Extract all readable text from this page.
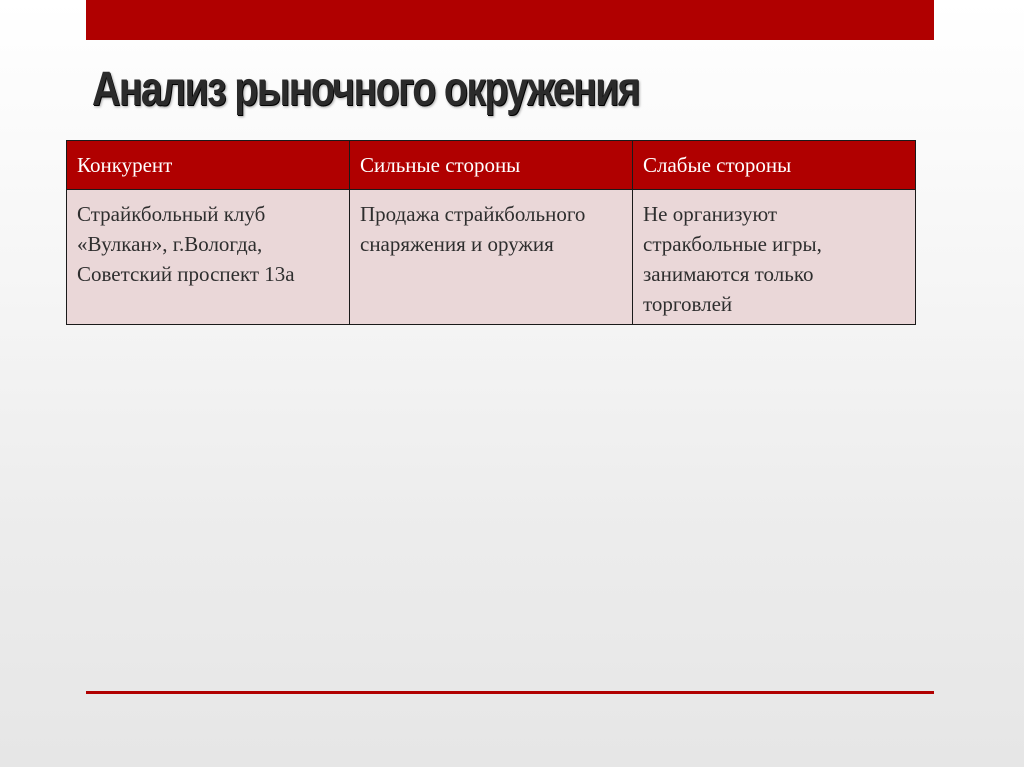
Анализ рыночного окружения
Конкурент	Сильные стороны	Слабые стороны
Страйкбольный клуб «Вулкан», г.Вологда, Советский проспект 13а	Продажа страйкбольного снаряжения и оружия	Не организуют стракбольные игры, занимаются только торговлей
